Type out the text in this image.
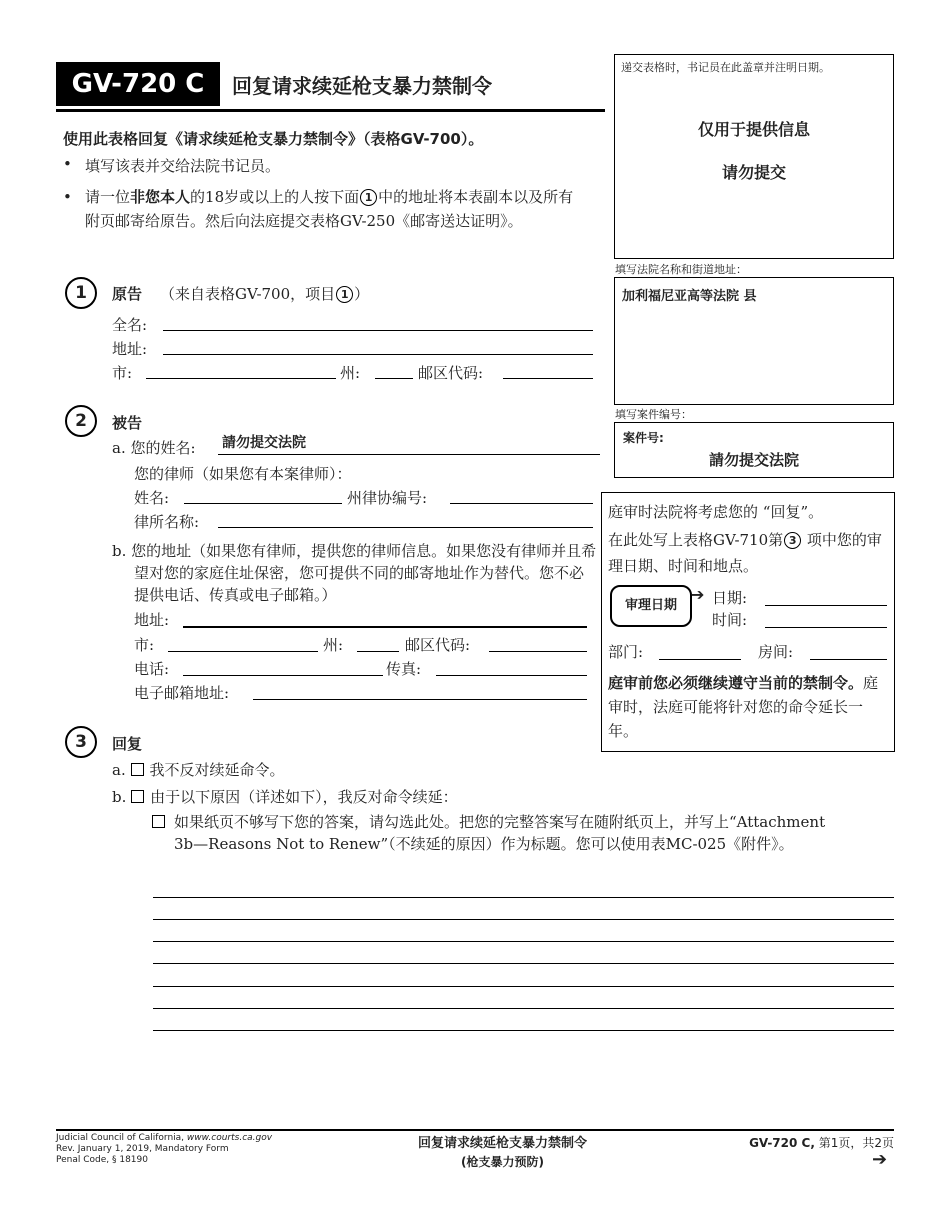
GV-720 C	回复请求续延枪支暴力禁制令
使用此表格回复《请求续延枪支暴力禁制令》（表格GV-700）。
• 填写该表并交给法院书记员。
• 请一位非您本人的18岁或以上的人按下面 1 中的地址将本表副本以及所有附页邮寄给原告。然后向法庭提交表格GV-250《邮寄送达证明》。
递交表格时，书记员在此盖章并注明日期。
仅用于提供信息
请勿提交
填写法院名称和街道地址：
加利福尼亚高等法院 县
填写案件编号：
案件号:
請勿提交法院
庭审时法院将考虑您的 “回复”。
在此处写上表格GV-710第 3 项中您的审理日期、时间和地点。
审理日期
➔ 日期:
时间:
部门:	房间:
庭审前您必须继续遵守当前的禁制令。庭审时，法庭可能将针对您的命令延长一年。
1	原告 （来自表格GV-700，项目 1 ）
全名:
地址:
市:	州:	邮区代码:
2	被告
a. 您的姓名: 請勿提交法院
您的律师（如果您有本案律师）：
姓名:	州律协编号:
律所名称:
b. 您的地址（如果您有律师，提供您的律师信息。如果您没有律师并且希望对您的家庭住址保密，您可提供不同的邮寄地址作为替代。您不必提供电话、传真或电子邮箱。）
地址:
市:	州:	邮区代码:
电话:	传真:
电子邮箱地址:
3	回复
a. 我不反对续延命令。
b. 由于以下原因（详述如下），我反对命令续延：
如果纸页不够写下您的答案，请勾选此处。把您的完整答案写在随附纸页上，并写上“Attachment 3b—Reasons Not to Renew”（不续延的原因）作为标题。您可以使用表MC-025《附件》。
Judicial Council of California, www.courts.ca.gov
Rev. January 1, 2019, Mandatory Form
Penal Code, § 18190
回复请求续延枪支暴力禁制令
(枪支暴力预防)
GV-720 C, 第1页，共2页
➔
